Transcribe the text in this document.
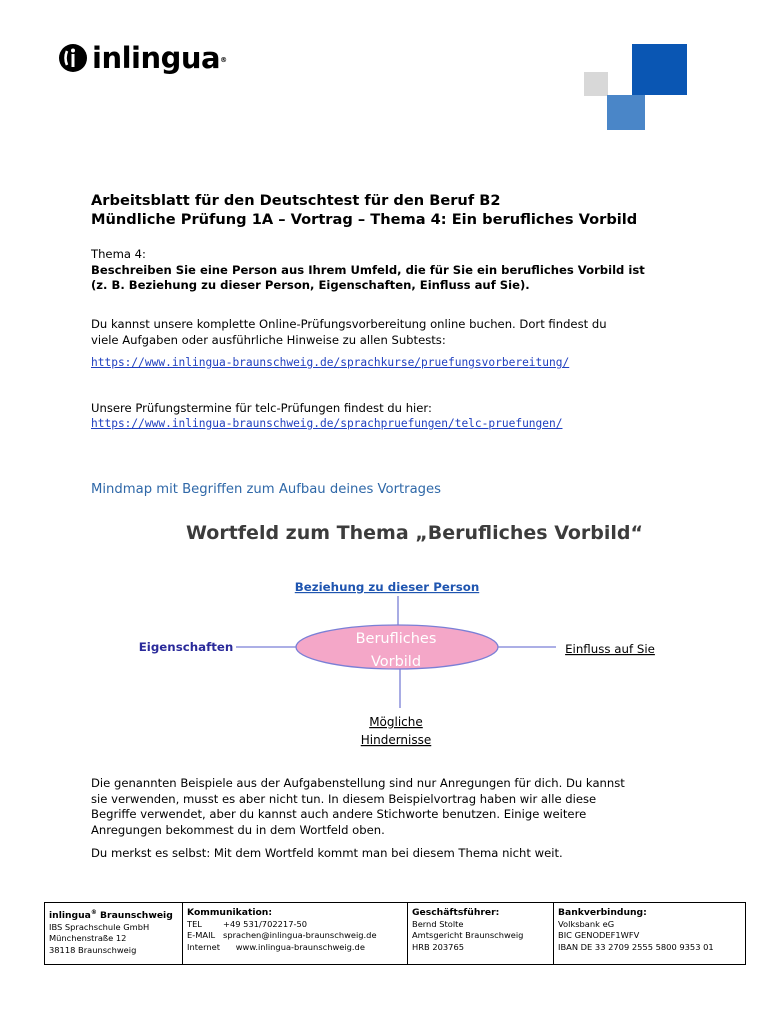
inlingua®
Arbeitsblatt für den Deutschtest für den Beruf B2
Mündliche Prüfung 1A – Vortrag – Thema 4: Ein berufliches Vorbild
Thema 4:
Beschreiben Sie eine Person aus Ihrem Umfeld, die für Sie ein berufliches Vorbild ist
(z. B. Beziehung zu dieser Person, Eigenschaften, Einfluss auf Sie).
Du kannst unsere komplette Online-Prüfungsvorbereitung online buchen. Dort findest du
viele Aufgaben oder ausführliche Hinweise zu allen Subtests:
https://www.inlingua-braunschweig.de/sprachkurse/pruefungsvorbereitung/
Unsere Prüfungstermine für telc-Prüfungen findest du hier:
https://www.inlingua-braunschweig.de/sprachpruefungen/telc-pruefungen/
Mindmap mit Begriffen zum Aufbau deines Vortrages
Wortfeld zum Thema „Berufliches Vorbild“
Berufliches
Vorbild
Beziehung zu dieser Person
Eigenschaften	Einfluss auf Sie
Mögliche
Hindernisse
Die genannten Beispiele aus der Aufgabenstellung sind nur Anregungen für dich. Du kannst
sie verwenden, musst es aber nicht tun. In diesem Beispielvortrag haben wir alle diese
Begriffe verwendet, aber du kannst auch andere Stichworte benutzen. Einige weitere
Anregungen bekommest du in dem Wortfeld oben.
Du merkst es selbst: Mit dem Wortfeld kommt man bei diesem Thema nicht weit.
inlingua® Braunschweig
IBS Sprachschule GmbH
Münchenstraße 12
38118 Braunschweig
Kommunikation:
TEL        +49 531/702217-50
E-MAIL   sprachen@inlingua-braunschweig.de
Internet      www.inlingua-braunschweig.de
Geschäftsführer:
Bernd Stolte
Amtsgericht Braunschweig
HRB 203765
Bankverbindung:
Volksbank eG
BIC GENODEF1WFV
IBAN DE 33 2709 2555 5800 9353 01
